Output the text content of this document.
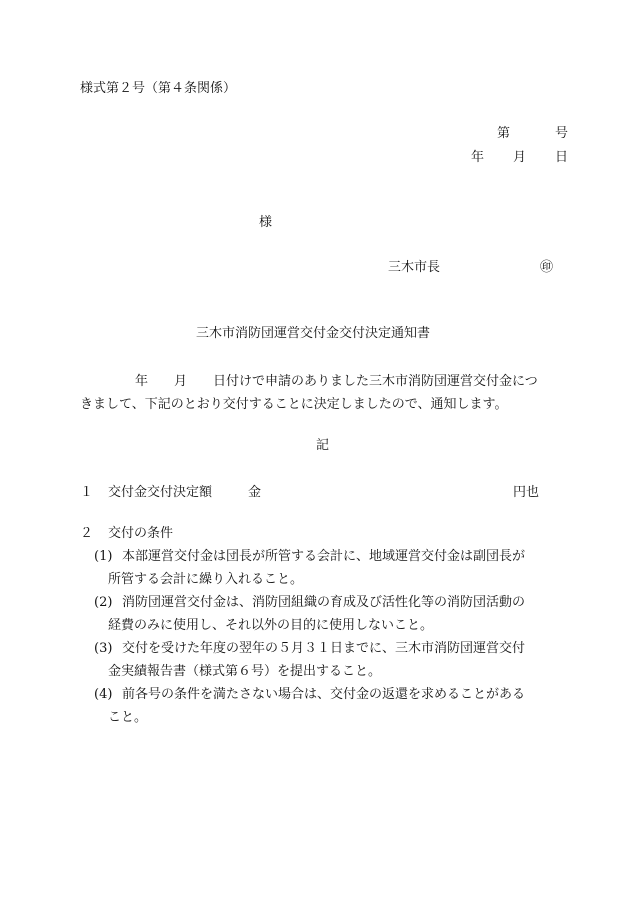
様式第２号（第４条関係）
第	号
年 月 日
様
三木市長	㊞
三木市消防団運営交付金交付決定通知書
年 月 日付けで申請のありました三木市消防団運営交付金につ
きまして、下記のとおり交付することに決定しましたので、通知します。
記
１ 交付金交付決定額	金	円也
２ 交付の条件
(1) 本部運営交付金は団長が所管する会計に、地域運営交付金は副団長が
所管する会計に繰り入れること。
(2) 消防団運営交付金は、消防団組織の育成及び活性化等の消防団活動の
経費のみに使用し、それ以外の目的に使用しないこと。
(3) 交付を受けた年度の翌年の５月３１日までに、三木市消防団運営交付
金実績報告書（様式第６号）を提出すること。
(4) 前各号の条件を満たさない場合は、交付金の返還を求めることがある
こと。
